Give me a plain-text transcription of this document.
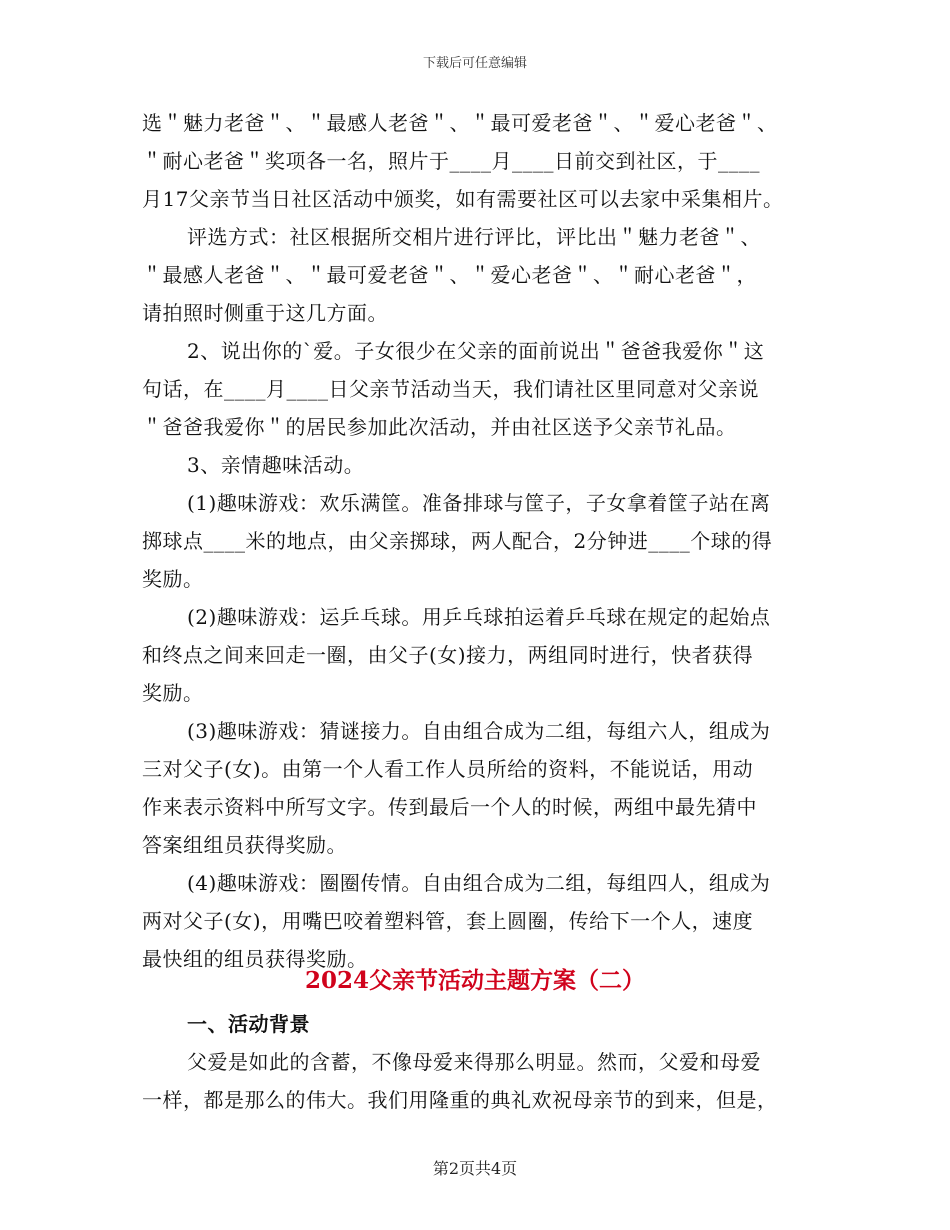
下载后可任意编辑
选＂魅力老爸＂、＂最感人老爸＂、＂最可爱老爸＂、＂爱心老爸＂、
＂耐心老爸＂奖项各一名，照片于____月____日前交到社区，于____
月17父亲节当日社区活动中颁奖，如有需要社区可以去家中采集相片。
评选方式：社区根据所交相片进行评比，评比出＂魅力老爸＂、
＂最感人老爸＂、＂最可爱老爸＂、＂爱心老爸＂、＂耐心老爸＂，
请拍照时侧重于这几方面。
2、说出你的`爱。子女很少在父亲的面前说出＂爸爸我爱你＂这
句话，在____月____日父亲节活动当天，我们请社区里同意对父亲说
＂爸爸我爱你＂的居民参加此次活动，并由社区送予父亲节礼品。
3、亲情趣味活动。
(1)趣味游戏：欢乐满筐。准备排球与筐子，子女拿着筐子站在离
掷球点____米的地点，由父亲掷球，两人配合，2分钟进____个球的得
奖励。
(2)趣味游戏：运乒乓球。用乒乓球拍运着乒乓球在规定的起始点
和终点之间来回走一圈，由父子(女)接力，两组同时进行，快者获得
奖励。
(3)趣味游戏：猜谜接力。自由组合成为二组，每组六人，组成为
三对父子(女)。由第一个人看工作人员所给的资料，不能说话，用动
作来表示资料中所写文字。传到最后一个人的时候，两组中最先猜中
答案组组员获得奖励。
(4)趣味游戏：圈圈传情。自由组合成为二组，每组四人，组成为
两对父子(女)，用嘴巴咬着塑料管，套上圆圈，传给下一个人，速度
最快组的组员获得奖励。
2024父亲节活动主题方案（二）
一、活动背景
父爱是如此的含蓄，不像母爱来得那么明显。然而，父爱和母爱
一样，都是那么的伟大。我们用隆重的典礼欢祝母亲节的到来，但是，
第2页共4页
